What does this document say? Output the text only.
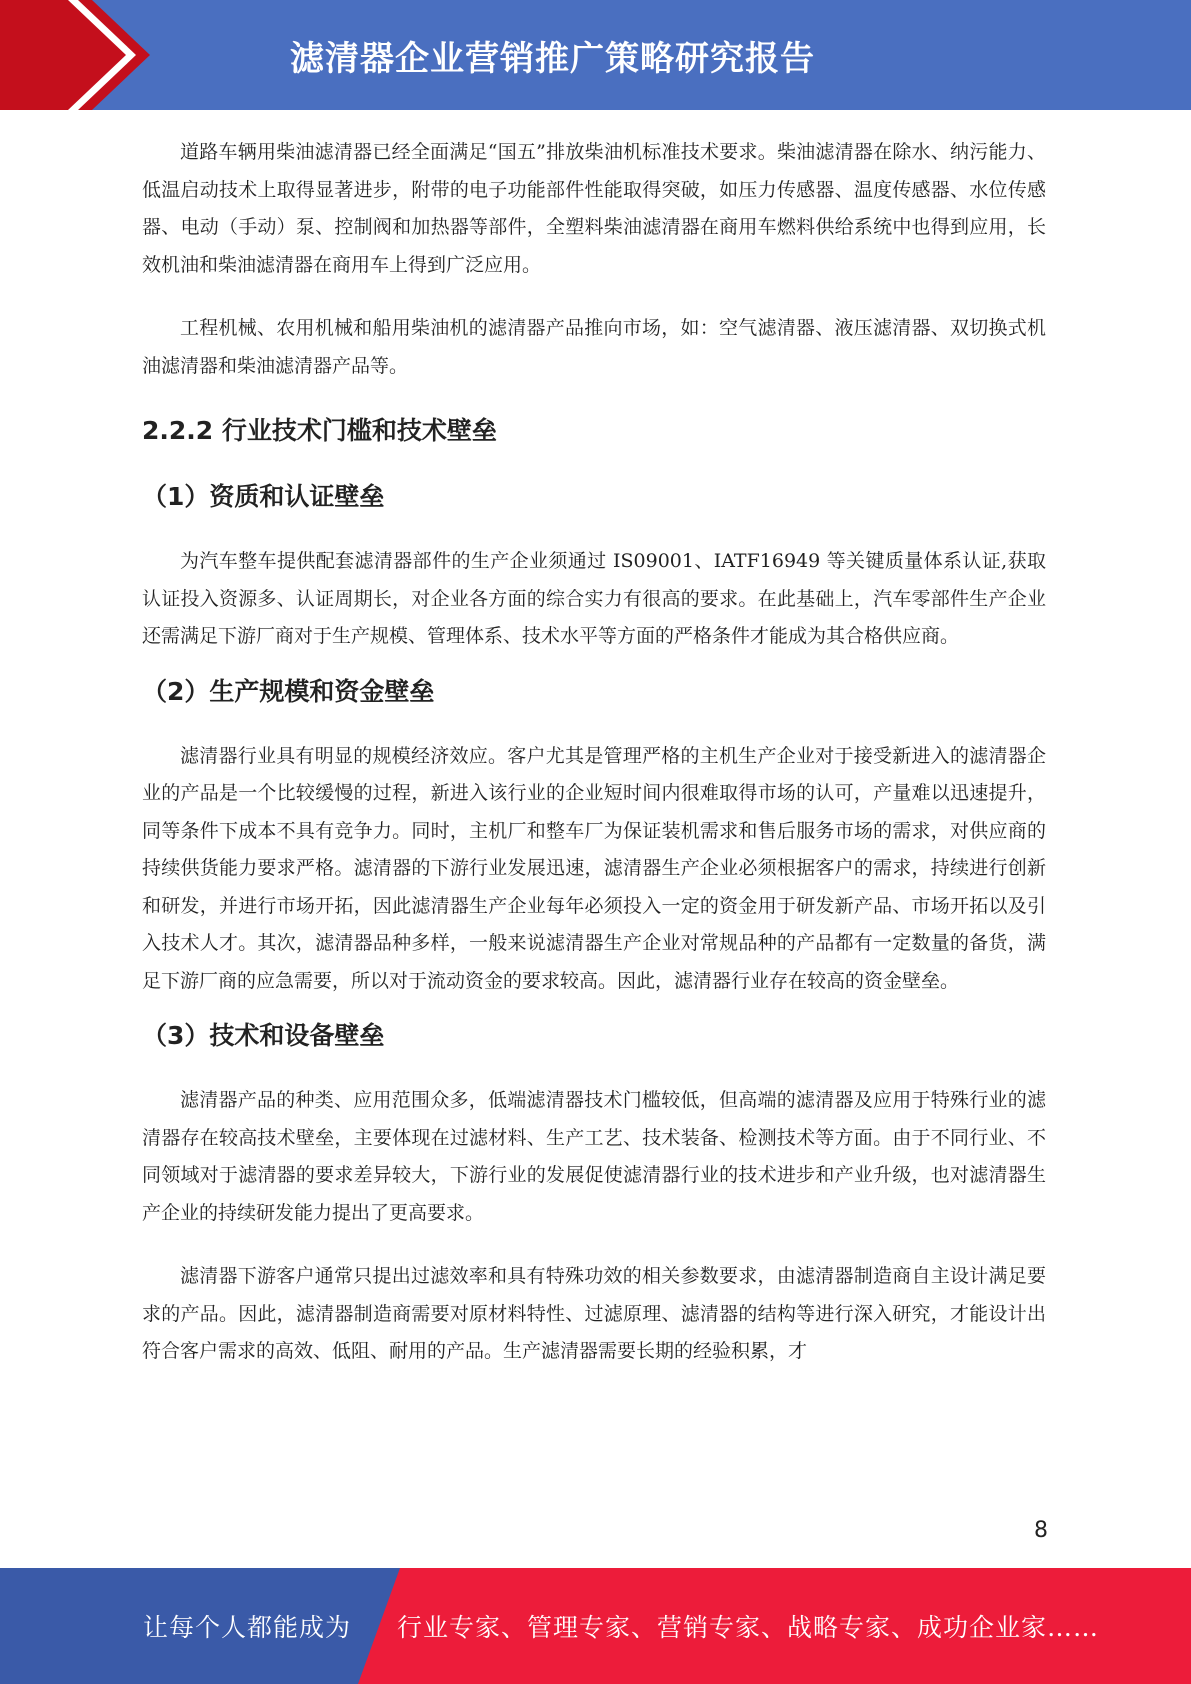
滤清器企业营销推广策略研究报告

道路车辆用柴油滤清器已经全面满足“国五”排放柴油机标准技术要求。柴油滤清器在除水、纳污能力、低温启动技术上取得显著进步，附带的电子功能部件性能取得突破，如压力传感器、温度传感器、水位传感器、电动（手动）泵、控制阀和加热器等部件，全塑料柴油滤清器在商用车燃料供给系统中也得到应用，长效机油和柴油滤清器在商用车上得到广泛应用。

工程机械、农用机械和船用柴油机的滤清器产品推向市场，如：空气滤清器、液压滤清器、双切换式机油滤清器和柴油滤清器产品等。

2.2.2 行业技术门槛和技术壁垒
（1）资质和认证壁垒

为汽车整车提供配套滤清器部件的生产企业须通过 IS09001、IATF16949 等关键质量体系认证,获取认证投入资源多、认证周期长，对企业各方面的综合实力有很高的要求。在此基础上，汽车零部件生产企业还需满足下游厂商对于生产规模、管理体系、技术水平等方面的严格条件才能成为其合格供应商。

（2）生产规模和资金壁垒

滤清器行业具有明显的规模经济效应。客户尤其是管理严格的主机生产企业对于接受新进入的滤清器企业的产品是一个比较缓慢的过程，新进入该行业的企业短时间内很难取得市场的认可，产量难以迅速提升，同等条件下成本不具有竞争力。同时，主机厂和整车厂为保证装机需求和售后服务市场的需求，对供应商的持续供货能力要求严格。滤清器的下游行业发展迅速，滤清器生产企业必须根据客户的需求，持续进行创新和研发，并进行市场开拓，因此滤清器生产企业每年必须投入一定的资金用于研发新产品、市场开拓以及引入技术人才。其次，滤清器品种多样，一般来说滤清器生产企业对常规品种的产品都有一定数量的备货，满足下游厂商的应急需要，所以对于流动资金的要求较高。因此，滤清器行业存在较高的资金壁垒。

（3）技术和设备壁垒

滤清器产品的种类、应用范围众多，低端滤清器技术门槛较低，但高端的滤清器及应用于特殊行业的滤清器存在较高技术壁垒，主要体现在过滤材料、生产工艺、技术装备、检测技术等方面。由于不同行业、不同领域对于滤清器的要求差异较大，下游行业的发展促使滤清器行业的技术进步和产业升级，也对滤清器生产企业的持续研发能力提出了更高要求。

滤清器下游客户通常只提出过滤效率和具有特殊功效的相关参数要求，由滤清器制造商自主设计满足要求的产品。因此，滤清器制造商需要对原材料特性、过滤原理、滤清器的结构等进行深入研究，才能设计出符合客户需求的高效、低阻、耐用的产品。生产滤清器需要长期的经验积累，才

8
让每个人都能成为 行业专家、管理专家、营销专家、战略专家、成功企业家……
